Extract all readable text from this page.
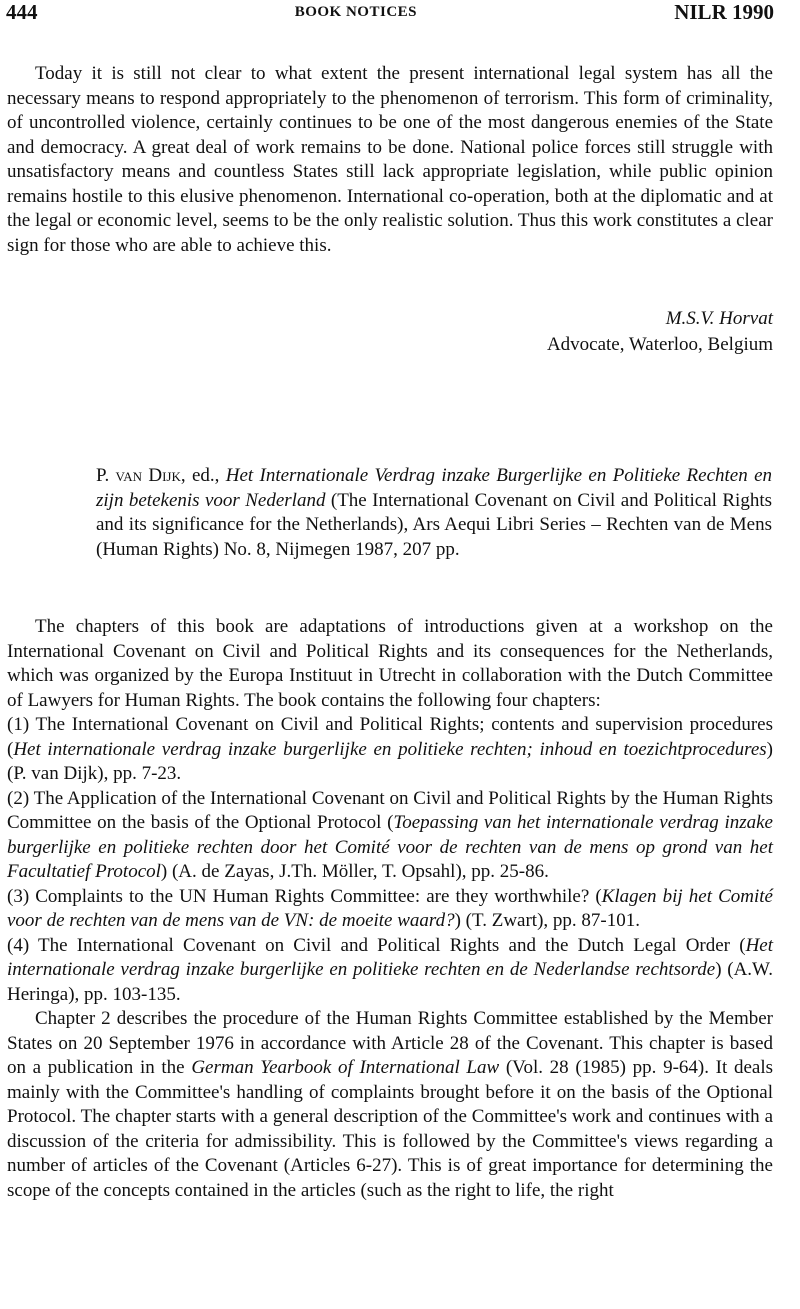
444	BOOK NOTICES	NILR 1990

Today it is still not clear to what extent the present international legal system has all the necessary means to respond appropriately to the phenomenon of terrorism. This form of criminality, of uncontrolled violence, certainly continues to be one of the most dangerous enemies of the State and democracy. A great deal of work remains to be done. National police forces still struggle with unsatisfactory means and countless States still lack appropriate legislation, while public opinion remains hostile to this elusive phenomenon. International co-operation, both at the diplomatic and at the legal or economic level, seems to be the only realistic solution. Thus this work constitutes a clear sign for those who are able to achieve this.

M.S.V. Horvat
Advocate, Waterloo, Belgium
P. van Dijk, ed., Het Internationale Verdrag inzake Burgerlijke en Politieke Rechten en zijn betekenis voor Nederland (The International Covenant on Civil and Political Rights and its significance for the Netherlands), Ars Aequi Libri Series – Rechten van de Mens (Human Rights) No. 8, Nijmegen 1987, 207 pp.

The chapters of this book are adaptations of introductions given at a workshop on the International Covenant on Civil and Political Rights and its consequences for the Netherlands, which was organized by the Europa Instituut in Utrecht in collaboration with the Dutch Committee of Lawyers for Human Rights. The book contains the following four chapters:

(1) The International Covenant on Civil and Political Rights; contents and supervision procedures (Het internationale verdrag inzake burgerlijke en politieke rechten; inhoud en toezichtprocedures) (P. van Dijk), pp. 7-23.

(2) The Application of the International Covenant on Civil and Political Rights by the Human Rights Committee on the basis of the Optional Protocol (Toepassing van het internationale verdrag inzake burgerlijke en politieke rechten door het Comité voor de rechten van de mens op grond van het Facultatief Protocol) (A. de Zayas, J.Th. Möller, T. Opsahl), pp. 25-86.

(3) Complaints to the UN Human Rights Committee: are they worthwhile? (Klagen bij het Comité voor de rechten van de mens van de VN: de moeite waard?) (T. Zwart), pp. 87-101.

(4) The International Covenant on Civil and Political Rights and the Dutch Legal Order (Het internationale verdrag inzake burgerlijke en politieke rechten en de Nederlandse rechtsorde) (A.W. Heringa), pp. 103-135.

Chapter 2 describes the procedure of the Human Rights Committee established by the Member States on 20 September 1976 in accordance with Article 28 of the Covenant. This chapter is based on a publication in the German Yearbook of International Law (Vol. 28 (1985) pp. 9-64). It deals mainly with the Committee's handling of complaints brought before it on the basis of the Optional Protocol. The chapter starts with a general description of the Committee's work and continues with a discussion of the criteria for admissibility. This is followed by the Committee's views regarding a number of articles of the Covenant (Articles 6-27). This is of great importance for determining the scope of the concepts contained in the articles (such as the right to life, the right
